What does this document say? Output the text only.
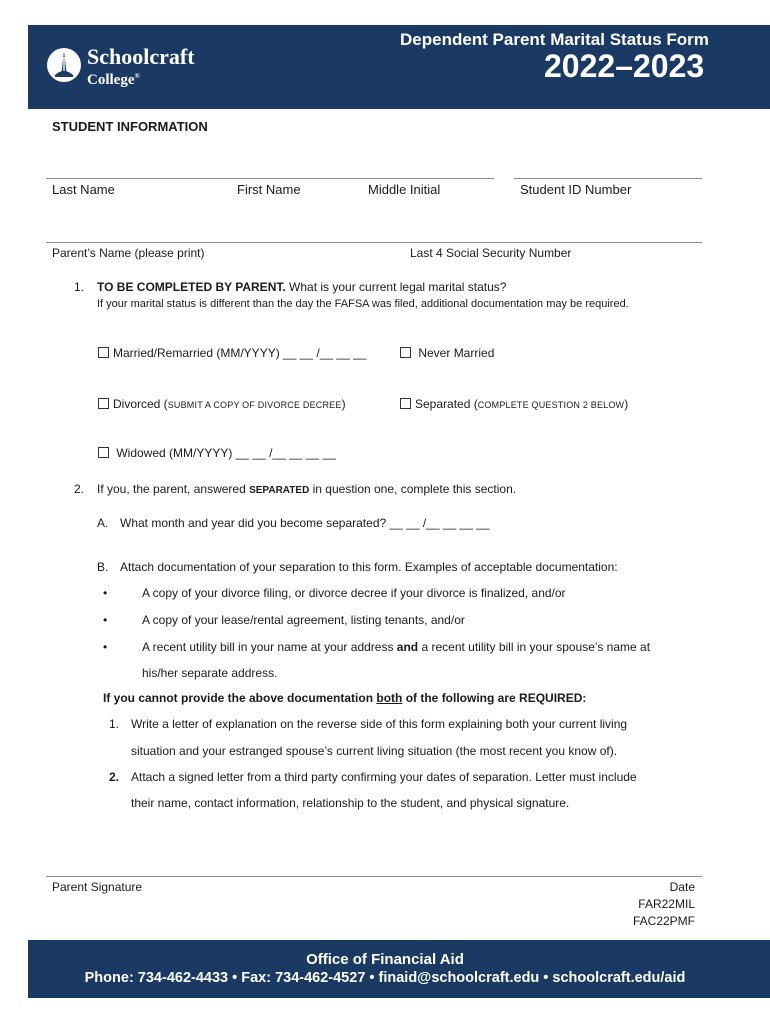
Schoolcraft
College®
Dependent Parent Marital Status Form
2022–2023
STUDENT INFORMATION
Last Name	First Name	Middle Initial	Student ID Number
Parent’s Name (please print)	Last 4 Social Security Number
1. TO BE COMPLETED BY PARENT. What is your current legal marital status?
If your marital status is different than the day the FAFSA was filed, additional documentation may be required.
Married/Remarried (MM/YYYY) __ __ /__ __ __	Never Married
Divorced (SUBMIT A COPY OF DIVORCE DECREE)	Separated (COMPLETE QUESTION 2 BELOW)
Widowed (MM/YYYY) __ __ /__ __ __ __
2. If you, the parent, answered SEPARATED in question one, complete this section.
A. What month and year did you become separated? __ __ /__ __ __ __
B. Attach documentation of your separation to this form. Examples of acceptable documentation:
•	A copy of your divorce filing, or divorce decree if your divorce is finalized, and/or
•	A copy of your lease/rental agreement, listing tenants, and/or
•	A recent utility bill in your name at your address and a recent utility bill in your spouse’s name at
his/her separate address.
If you cannot provide the above documentation both of the following are REQUIRED:
1. Write a letter of explanation on the reverse side of this form explaining both your current living
situation and your estranged spouse’s current living situation (the most recent you know of).
2. Attach a signed letter from a third party confirming your dates of separation. Letter must include
their name, contact information, relationship to the student, and physical signature.
Parent Signature	Date
FAR22MIL
FAC22PMF
Office of Financial Aid
Phone: 734-462-4433 • Fax: 734-462-4527 • finaid@schoolcraft.edu • schoolcraft.edu/aid
